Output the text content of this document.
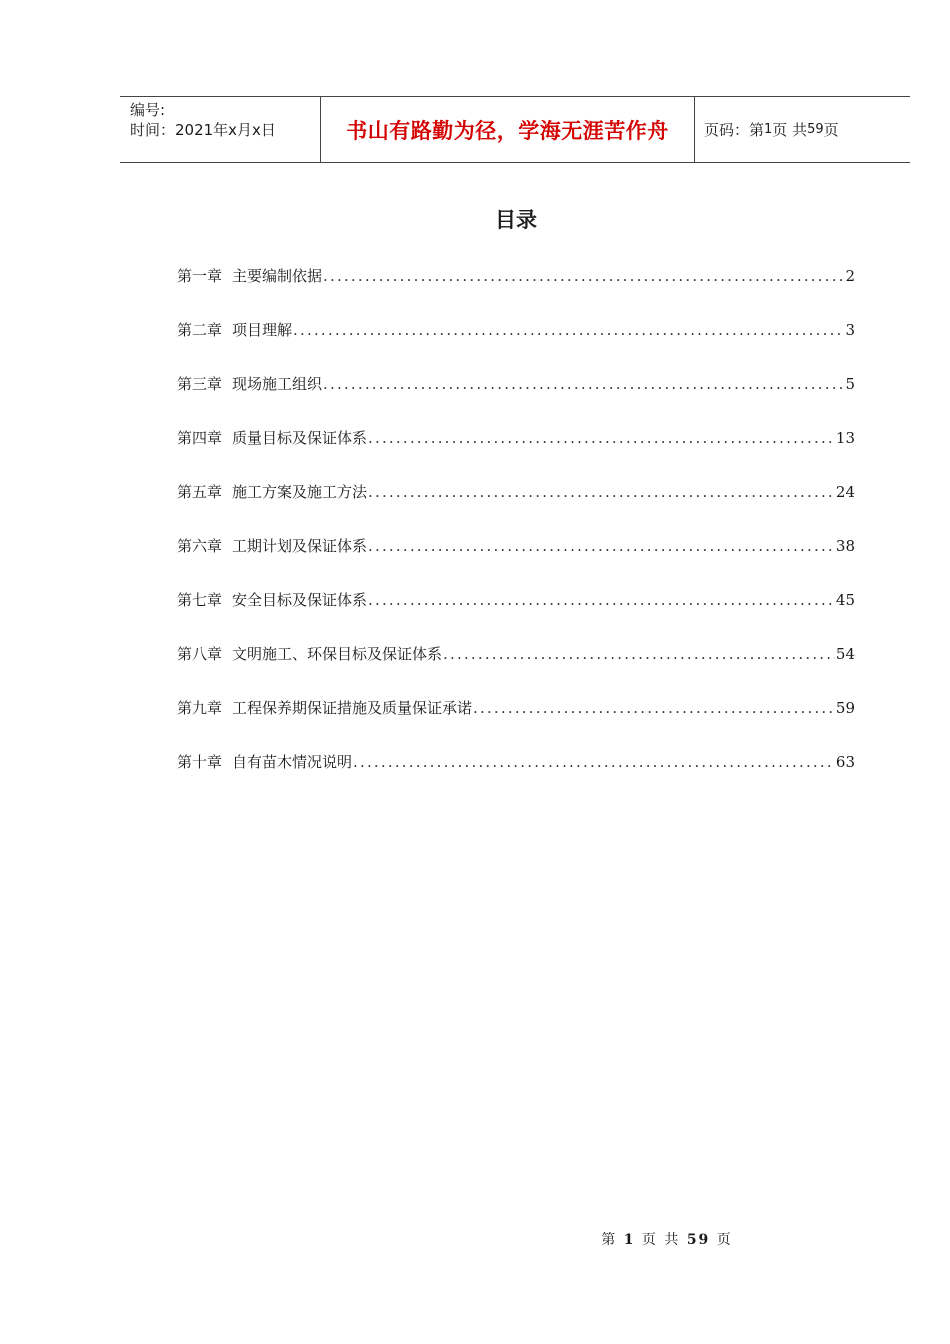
编号:
时间：2021年x月x日	书山有路勤为径，学海无涯苦作舟 页码：第 1 页 共 59 页
目录
第一章 主要编制依据 .....	2
第二章 项目理解 .....	3
第三章 现场施工组织 .....	5
第四章 质量目标及保证体系 .....	13
第五章 施工方案及施工方法 .....	24
第六章 工期计划及保证体系 .....	38
第七章 安全目标及保证体系 .....	45
第八章 文明施工、环保目标及保证体系 .....	54
第九章 工程保养期保证措施及质量保证承诺 .....	59
第十章 自有苗木情况说明 .....	63
第 1 页 共 59 页
